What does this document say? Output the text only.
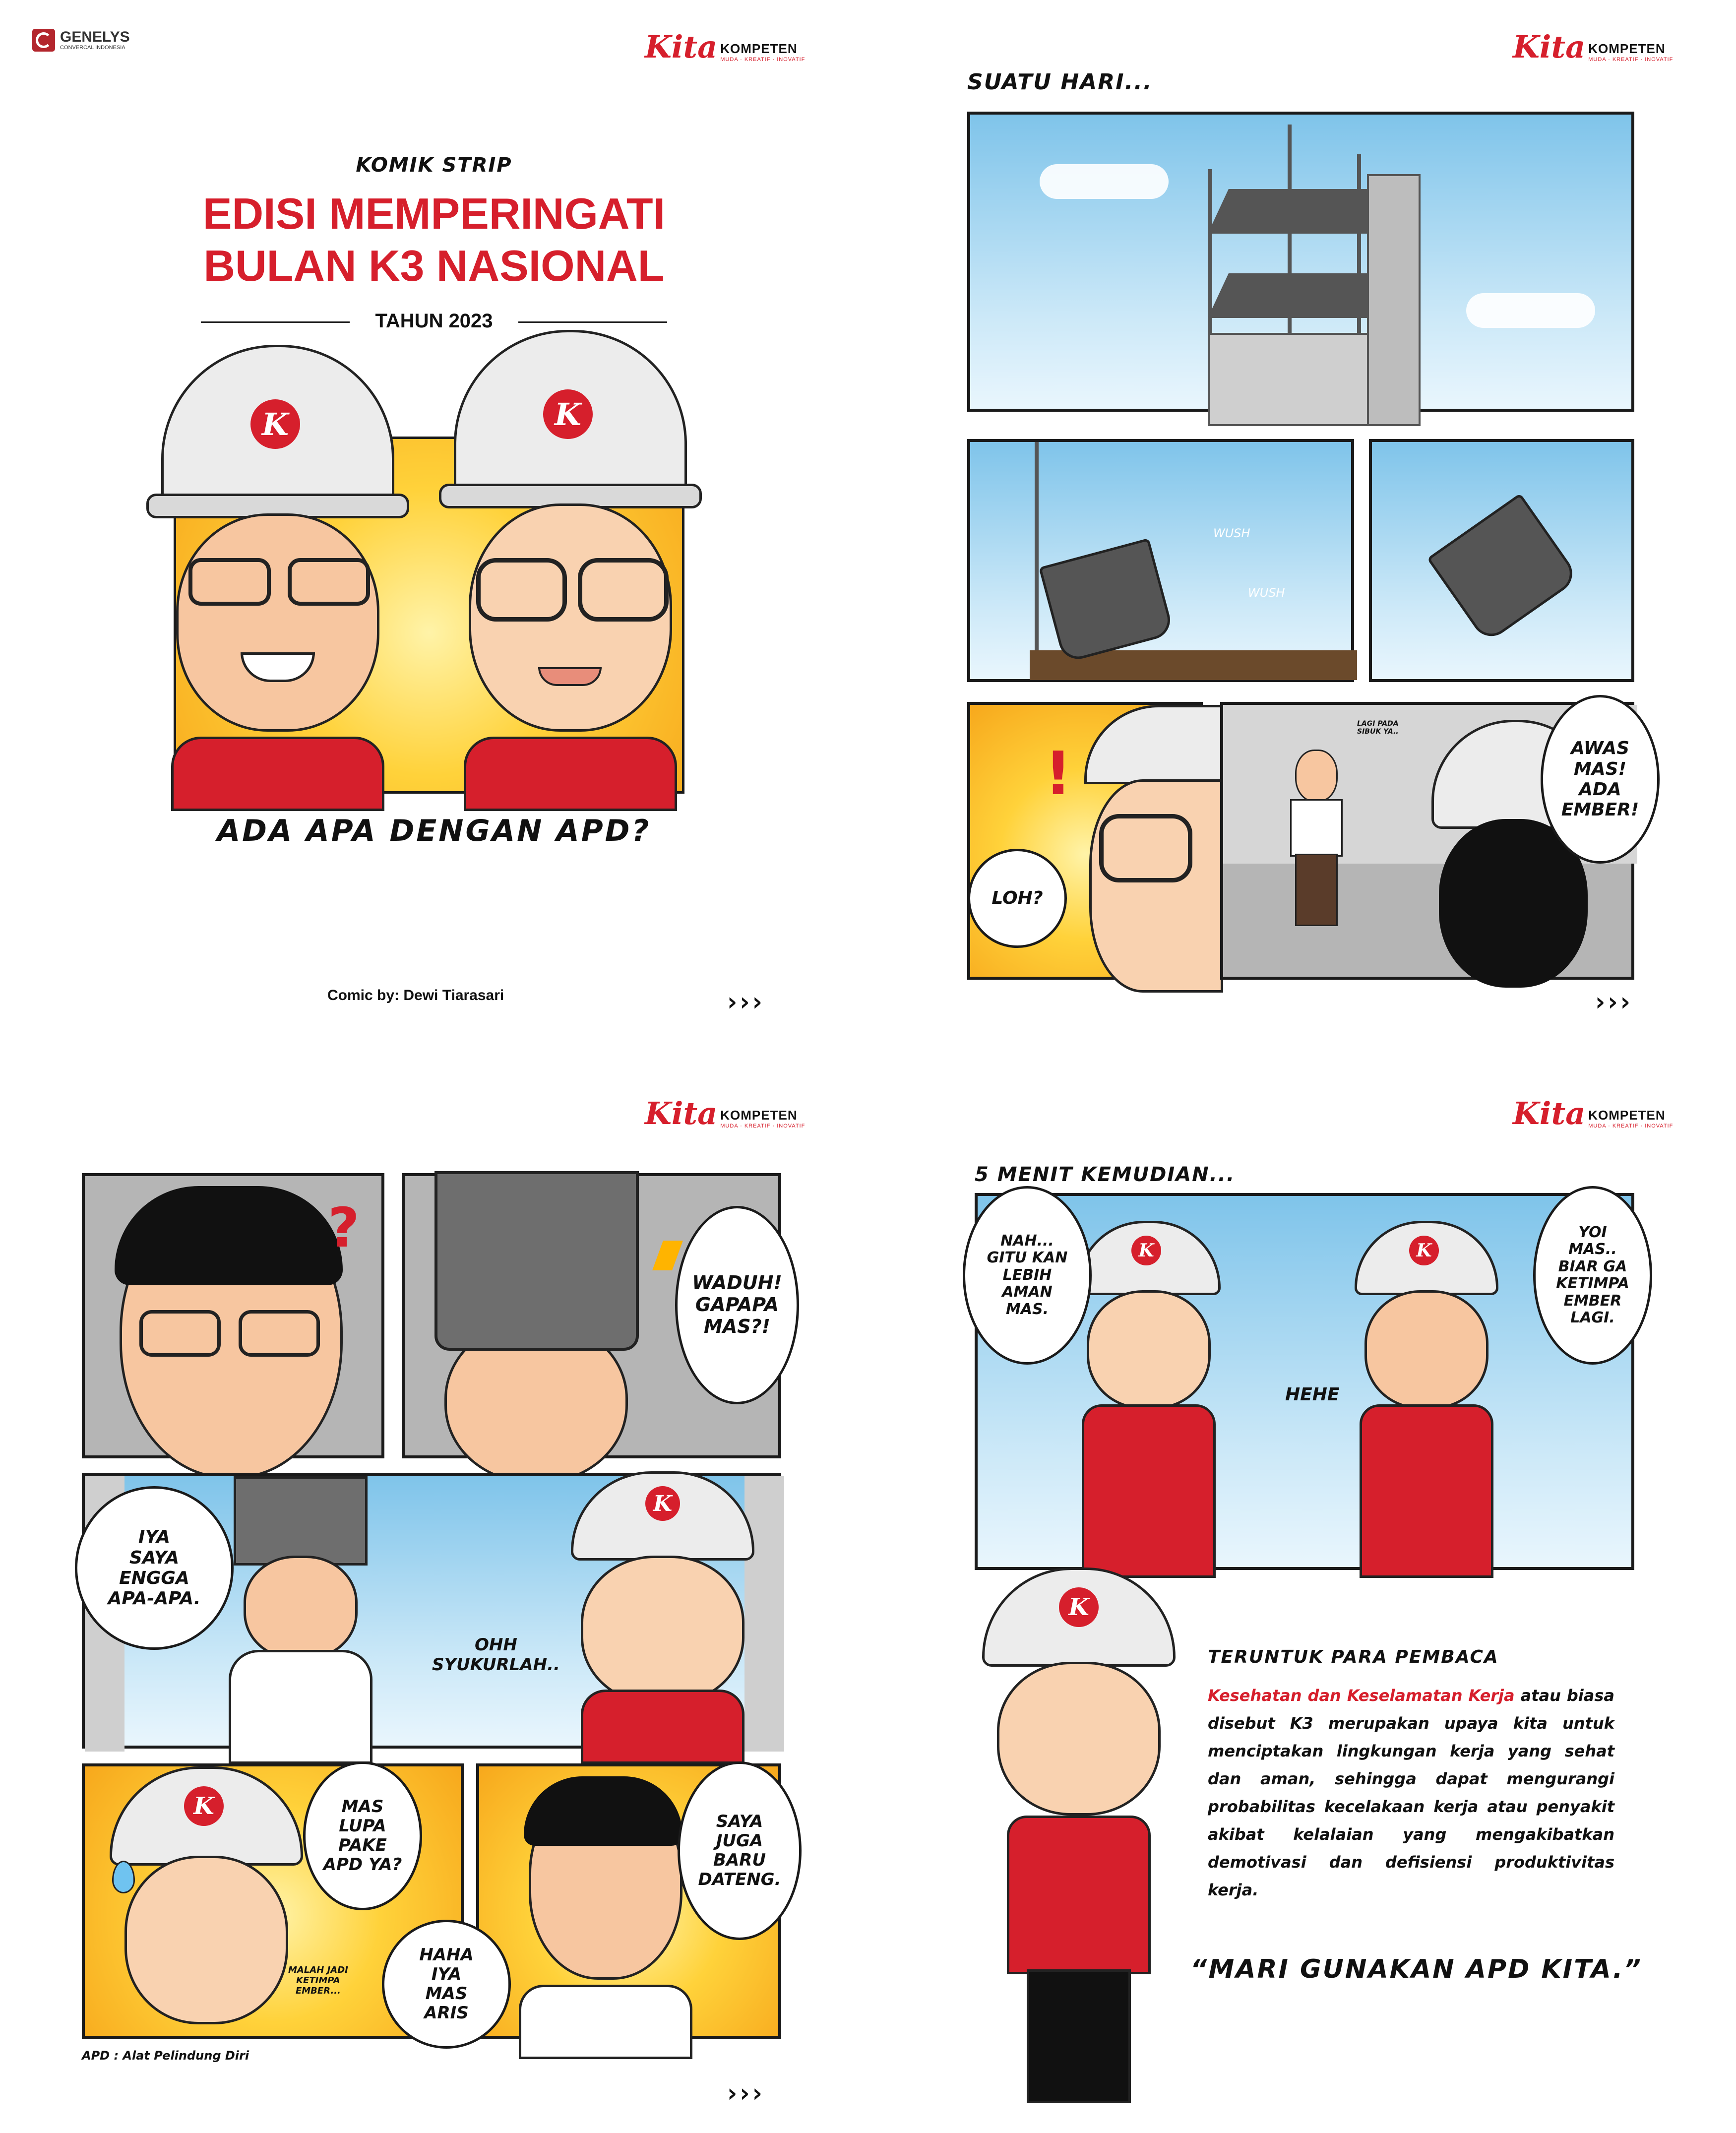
GENELYS
CONVERCAL INDONESIA	Kita KOMPETEN
MUDA · KREATIF · INOVATIF
KOMIK STRIP
EDISI MEMPERINGATI
BULAN K3 NASIONAL
TAHUN 2023
K	K
ADA APA DENGAN APD?
Comic by: Dewi Tiarasari	›››
Kita KOMPETEN
MUDA · KREATIF · INOVATIF
SUATU HARI...
WUSH
WUSH
!
LOH?
LAGI PADA
SIBUK YA..
AWAS
MAS!
ADA
EMBER!
›››
Kita KOMPETEN
MUDA · KREATIF · INOVATIF
?
WADUH!
GAPAPA
MAS?!
IYA
SAYA
ENGGA
APA-APA.
OHH
SYUKURLAH..
K
K	MAS
LUPA
PAKE
APD YA?
MALAH JADI
KETIMPA
EMBER...
SAYA
JUGA
BARU
DATENG.
HAHA
IYA
MAS
ARIS
APD : Alat Pelindung Diri
›››
Kita KOMPETEN
MUDA · KREATIF · INOVATIF
5 MENIT KEMUDIAN...
K	K
NAH...
GITU KAN
LEBIH
AMAN
MAS.
YOI
MAS..
BIAR GA
KETIMPA
EMBER
LAGI.
HEHE
K
TERUNTUK PARA PEMBACA
Kesehatan dan Keselamatan Kerja atau biasa disebut K3 merupakan upaya kita untuk menciptakan lingkungan kerja yang sehat dan aman, sehingga dapat mengurangi probabilitas kecelakaan kerja atau penyakit akibat kelalaian yang mengakibatkan demotivasi dan defisiensi produktivitas kerja.
“MARI GUNAKAN APD KITA.”
